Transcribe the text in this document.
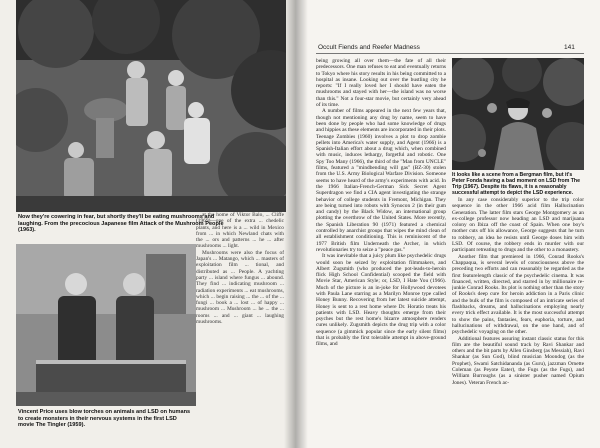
Now they're cowering in fear, but shortly they'll be eating mushrooms and laughing. From the precocious Japanese film Attack of the Mushroom People (1963).

at the home of Viktor Balo, ... Cliffe (1969)—one of the extra ... chedelic plants, and here is a ... wild in Mexico from ... in which Newland chats with the ... ors and patterns ... he ... after mushrooms ... light.

Mushrooms were also the focus of Japan's ... Matango, which ... masters of exploitation film ... tional, and distributed as ... People. A yachting party ... island where fungus ... abound. They find ... indicating mushroom ... radiation experiments ... eat mushrooms, which ... begin raising ... the ... of the ... fungi ... book a ... lost ... of happy ... mushroom ... Mushroom ... he ... the ... rooms ... and ... giant ... laughing mushrooms.

Vincent Price uses blow torches on animals and LSD on humans to create monsters in their nervous systems in the first LSD movie The Tingler (1959).
Occult Fiends and Reefer Madness	141

being growing all over them—the fate of all their predecessors. One man refuses to eat and eventually returns to Tokyo where his story results in his being committed to a hospital as insane. Looking out over the bustling city he reports: "If I really loved her I should have eaten the mushrooms and stayed with her—the island was no worse than this." Not a four-star movie, but certainly very ahead of its time.

A number of films appeared in the next few years that, though not mentioning any drug by name, seem to have been done by people who had some knowledge of drugs and hippies as these elements are incorporated in their plots. Teenage Zombies (1960) involves a plot to drop zombie pellets into America's water supply, and Agent (1966) is a Spanish-Italian effort about a drug which, when combined with music, induces lethargy, forgetful and robotic. One Spy Too Many (1966), the third of the "Man from UNCLE" films, featured a "mindbending will gas" (BZ-30) stolen from the U.S. Army Biological Warfare Division. Someone seems to have heard of the army's experiments with acid. In the 1966 Italian-French-German Sick Secret Agent Superdragon we find a CIA agent investigating the strange behavior of college students in Fremont, Michigan. They are being turned into robots with Synocon 2 (in their gum and candy) by the Black Widow, an international group plotting the overthrow of the United States. More recently, the Spanish Liberation 90 (1971) featured a chemical controlled by anarchist groups that wipes the mind clean of all establishment conditioning. This is reminiscent of the 1977 British film Underneath the Archer, in which revolutionaries try to seize a "peace gas."

It was inevitable that a juicy plum like psychedelic drugs would soon be seized by exploitation filmmakers, and Albert Zugsmith (who produced the pot-leads-to-heroin flick High School Confidential) scooped the field with Movie Star, American Style; or, LSD, I Hate You (1966). Much of the picture is an in-joke for Hollywood devotees with Paula Lane starring as a Marilyn Monroe type called Honey Bunny. Recovering from her latest suicide attempt, Honey is sent to a rest home where Dr. Horatio treats his patients with LSD. Heavy thoughts emerge from their psyches but the rest home's bizarre atmosphere renders cures unlikely. Zugsmith depicts the drug trip with a color sequence (a gimmick popular since the early silent films) that is probably the first tolerable attempt in above-ground films, and

It looks like a scene from a Bergman film, but it's Peter Fonda having a bad moment on LSD from The Trip (1967). Despite its flaws, it is a reasonably successful attempt to depict the LSD experience.

In any case considerably superior to the trip color sequence in the other 1966 acid film Hallucination Generation. The latter film stars George Montgomery as an ex-college professor now heading an LSD and marijuana colony on Ibiza off the coast of Spain. When one boy's mother cuts off his allowance, George suggests that he turn to robbery, an idea he resists until George doses him with LSD. Of course, the robbery ends in murder with our participant retreating to drugs and the other to a monastery.

Another film that premiered in 1966, Conrad Rooks's Chappaqua, is several levels of consciousness above the preceding two efforts and can reasonably be regarded as the first featurelength classic of the psychedelic cinema. It was financed, written, directed, and starred in by millionaire re-junkie Conrad Rooks. Its plot is nothing other than the story of Rooks's deep cure for heroin addiction in a Paris clinic and the bulk of the film is composed of an intricate series of flashbacks, dreams, and hallucinations employing nearly every trick effect available. It is the most successful attempt to show the pains, fantasies, fears, euphoria, torture, and hallucinations of withdrawal, on the one hand, and of psychedelic voyaging on the other.

Additional features assuring instant classic status for this film are the beautiful sound track by Ravi Shankar and others and the bit parts by Allen Ginsberg (as Messiah), Ravi Shankar (as Sun God), blind musician Moondog (as the Prophet), Swami Satchidananda (as Guru), jazzman Ornette Coleman (as Peyote Eater), the Fugs (as the Fugs), and William Burroughs (as a sinister pusher named Opium Jones). Veteran French ac-
